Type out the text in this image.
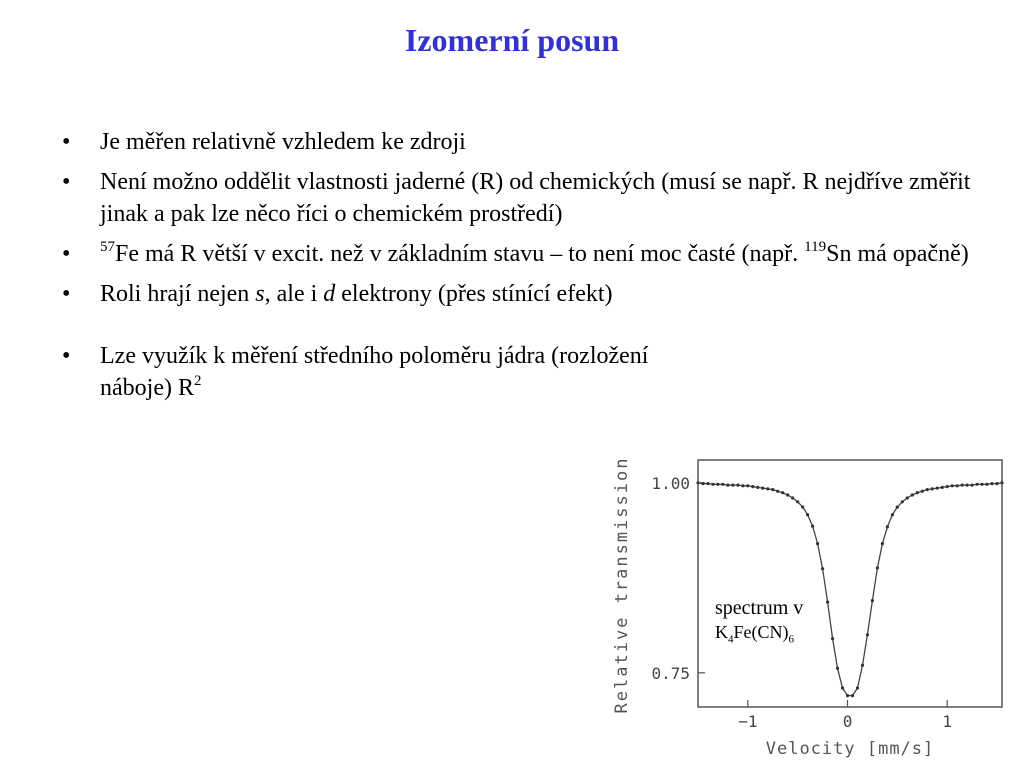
Izomerní posun
• Je měřen relativně vzhledem ke zdroji
• Není možno oddělit vlastnosti jaderné (R) od chemických (musí se např. R nejdříve změřit jinak a pak lze něco říci o chemickém prostředí)
• $^{57}$Fe má R větší v excit. než v základním stavu – to není moc časté (např. $^{119}$Sn má opačně)
• Roli hrají nejen s, ale i d elektrony (přes stínící efekt)
• Lze využík k měření středního poloměru jádra (rozložení náboje) $R^2$
−1	0	1
1.00
0.75
Relative transmission
Velocity [mm/s]
spectrum v
$K_4Fe(CN)_6$
